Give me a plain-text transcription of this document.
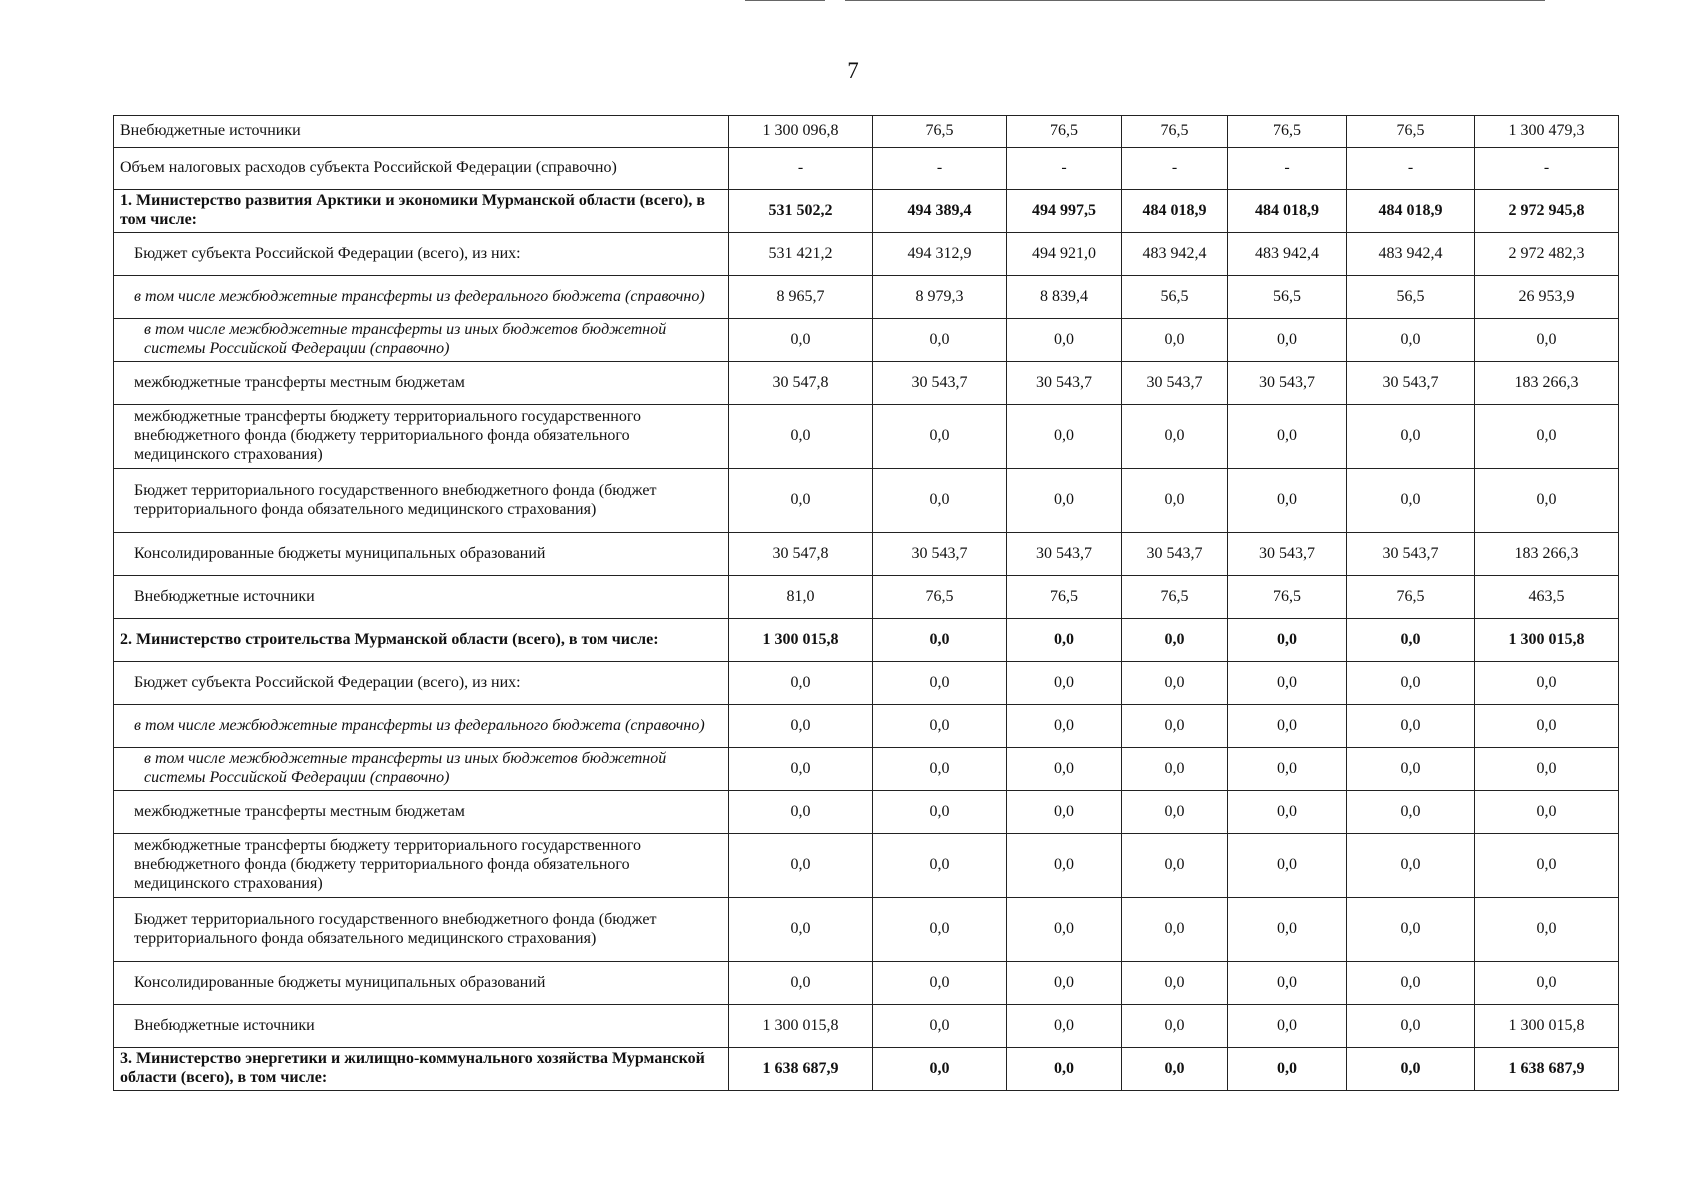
7
Внебюджетные источники	1 300 096,8	76,5	76,5	76,5	76,5	76,5	1 300 479,3
Объем налоговых расходов субъекта Российской Федерации (справочно)	-	-	-	-	-	-	-
1. Министерство развития Арктики и экономики Мурманской области (всего), в том числе:	531 502,2	494 389,4	494 997,5	484 018,9	484 018,9	484 018,9	2 972 945,8
Бюджет субъекта Российской Федерации (всего), из них:	531 421,2	494 312,9	494 921,0	483 942,4	483 942,4	483 942,4	2 972 482,3
в том числе межбюджетные трансферты из федерального бюджета (справочно)	8 965,7	8 979,3	8 839,4	56,5	56,5	56,5	26 953,9
в том числе межбюджетные трансферты из иных бюджетов бюджетной системы Российской Федерации (справочно)	0,0	0,0	0,0	0,0	0,0	0,0	0,0
межбюджетные трансферты местным бюджетам	30 547,8	30 543,7	30 543,7	30 543,7	30 543,7	30 543,7	183 266,3
межбюджетные трансферты бюджету территориального государственного внебюджетного фонда (бюджету территориального фонда обязательного медицинского страхования)	0,0	0,0	0,0	0,0	0,0	0,0	0,0
Бюджет территориального государственного внебюджетного фонда (бюджет территориального фонда обязательного медицинского страхования)	0,0	0,0	0,0	0,0	0,0	0,0	0,0
Консолидированные бюджеты муниципальных образований	30 547,8	30 543,7	30 543,7	30 543,7	30 543,7	30 543,7	183 266,3
Внебюджетные источники	81,0	76,5	76,5	76,5	76,5	76,5	463,5
2. Министерство строительства Мурманской области (всего), в том числе:	1 300 015,8	0,0	0,0	0,0	0,0	0,0	1 300 015,8
Бюджет субъекта Российской Федерации (всего), из них:	0,0	0,0	0,0	0,0	0,0	0,0	0,0
в том числе межбюджетные трансферты из федерального бюджета (справочно)	0,0	0,0	0,0	0,0	0,0	0,0	0,0
в том числе межбюджетные трансферты из иных бюджетов бюджетной системы Российской Федерации (справочно)	0,0	0,0	0,0	0,0	0,0	0,0	0,0
межбюджетные трансферты местным бюджетам	0,0	0,0	0,0	0,0	0,0	0,0	0,0
межбюджетные трансферты бюджету территориального государственного внебюджетного фонда (бюджету территориального фонда обязательного медицинского страхования)	0,0	0,0	0,0	0,0	0,0	0,0	0,0
Бюджет территориального государственного внебюджетного фонда (бюджет территориального фонда обязательного медицинского страхования)	0,0	0,0	0,0	0,0	0,0	0,0	0,0
Консолидированные бюджеты муниципальных образований	0,0	0,0	0,0	0,0	0,0	0,0	0,0
Внебюджетные источники	1 300 015,8	0,0	0,0	0,0	0,0	0,0	1 300 015,8
3. Министерство энергетики и жилищно-коммунального хозяйства Мурманской области (всего), в том числе:	1 638 687,9	0,0	0,0	0,0	0,0	0,0	1 638 687,9
